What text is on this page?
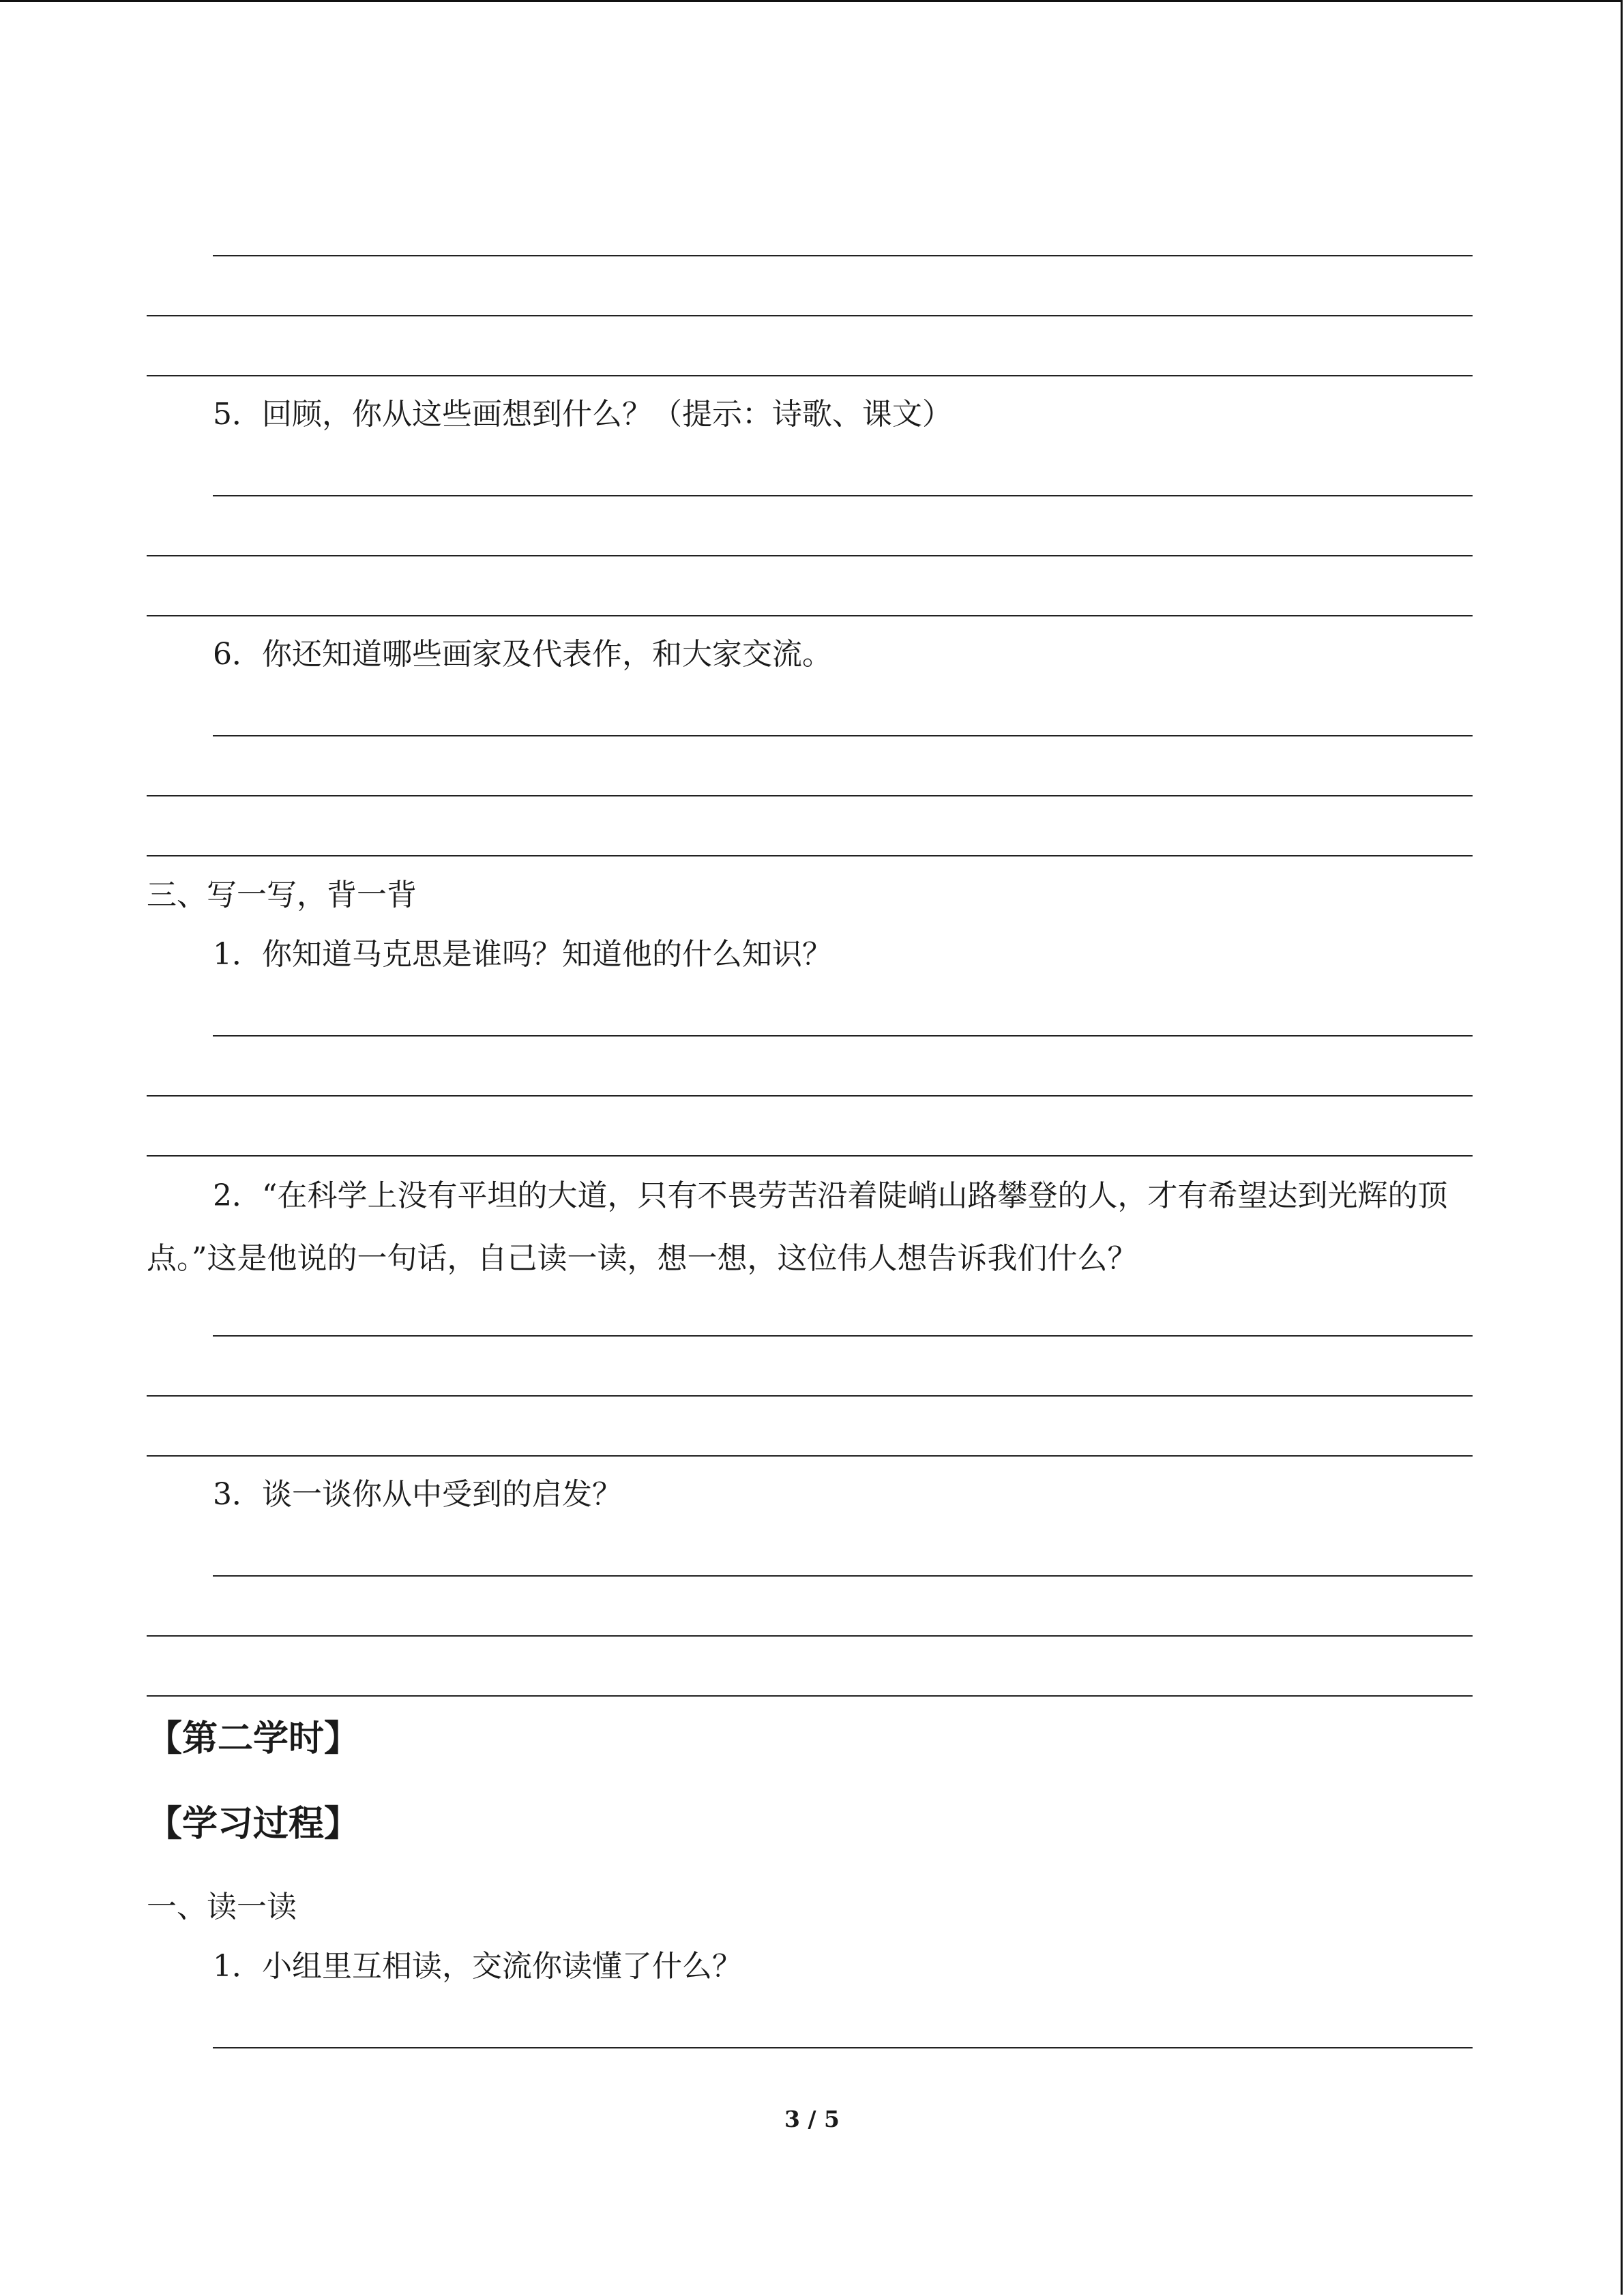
5．回顾，你从这些画想到什么？（提示：诗歌、课文）
6．你还知道哪些画家及代表作，和大家交流。
三、写一写，背一背
1．你知道马克思是谁吗？知道他的什么知识？
2．“在科学上没有平坦的大道，只有不畏劳苦沿着陡峭山路攀登的人，才有希望达到光辉的顶点。”这是他说的一句话，自己读一读，想一想，这位伟人想告诉我们什么？
3．谈一谈你从中受到的启发？
【第二学时】
【学习过程】
一、读一读
1．小组里互相读，交流你读懂了什么？
3 / 5
